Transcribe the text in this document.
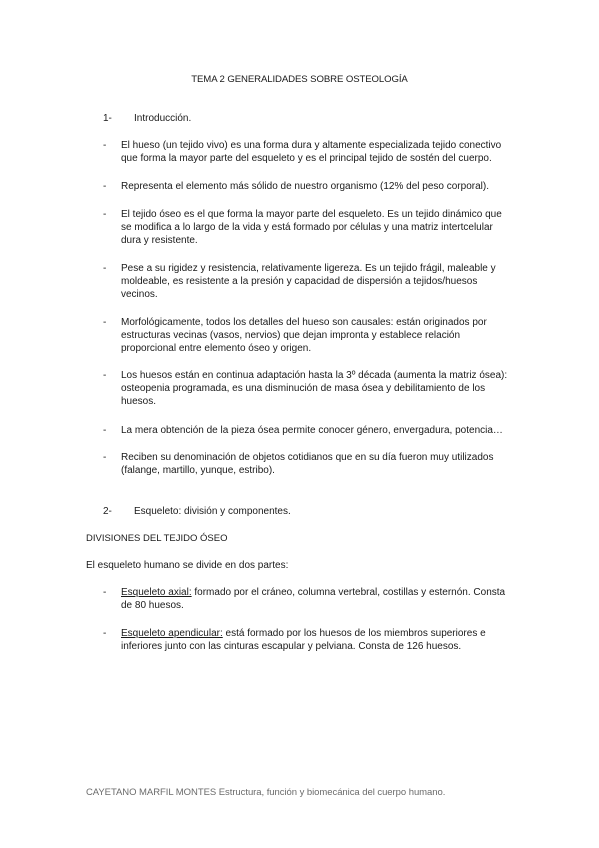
TEMA 2 GENERALIDADES SOBRE OSTEOLOGÍA
1- Introducción.
-	El hueso (un tejido vivo) es una forma dura y altamente especializada tejido conectivo
que forma la mayor parte del esqueleto y es el principal tejido de sostén del cuerpo.
-	Representa el elemento más sólido de nuestro organismo (12% del peso corporal).
-	El tejido óseo es el que forma la mayor parte del esqueleto. Es un tejido dinámico que
se modifica a lo largo de la vida y está formado por células y una matriz intertcelular
dura y resistente.
-	Pese a su rigidez y resistencia, relativamente ligereza. Es un tejido frágil, maleable y
moldeable, es resistente a la presión y capacidad de dispersión a tejidos/huesos
vecinos.
-	Morfológicamente, todos los detalles del hueso son causales: están originados por
estructuras vecinas (vasos, nervios) que dejan impronta y establece relación
proporcional entre elemento óseo y origen.
-	Los huesos están en continua adaptación hasta la 3º década (aumenta la matriz ósea):
osteopenia programada, es una disminución de masa ósea y debilitamiento de los
huesos.
-	La mera obtención de la pieza ósea permite conocer género, envergadura, potencia…
-	Reciben su denominación de objetos cotidianos que en su día fueron muy utilizados
(falange, martillo, yunque, estribo).
2- Esqueleto: división y componentes.
DIVISIONES DEL TEJIDO ÓSEO
El esqueleto humano se divide en dos partes:
-	Esqueleto axial: formado por el cráneo, columna vertebral, costillas y esternón. Consta
de 80 huesos.
-	Esqueleto apendicular: está formado por los huesos de los miembros superiores e
inferiores junto con las cinturas escapular y pelviana. Consta de 126 huesos.
CAYETANO MARFIL MONTES Estructura, función y biomecánica del cuerpo humano.
